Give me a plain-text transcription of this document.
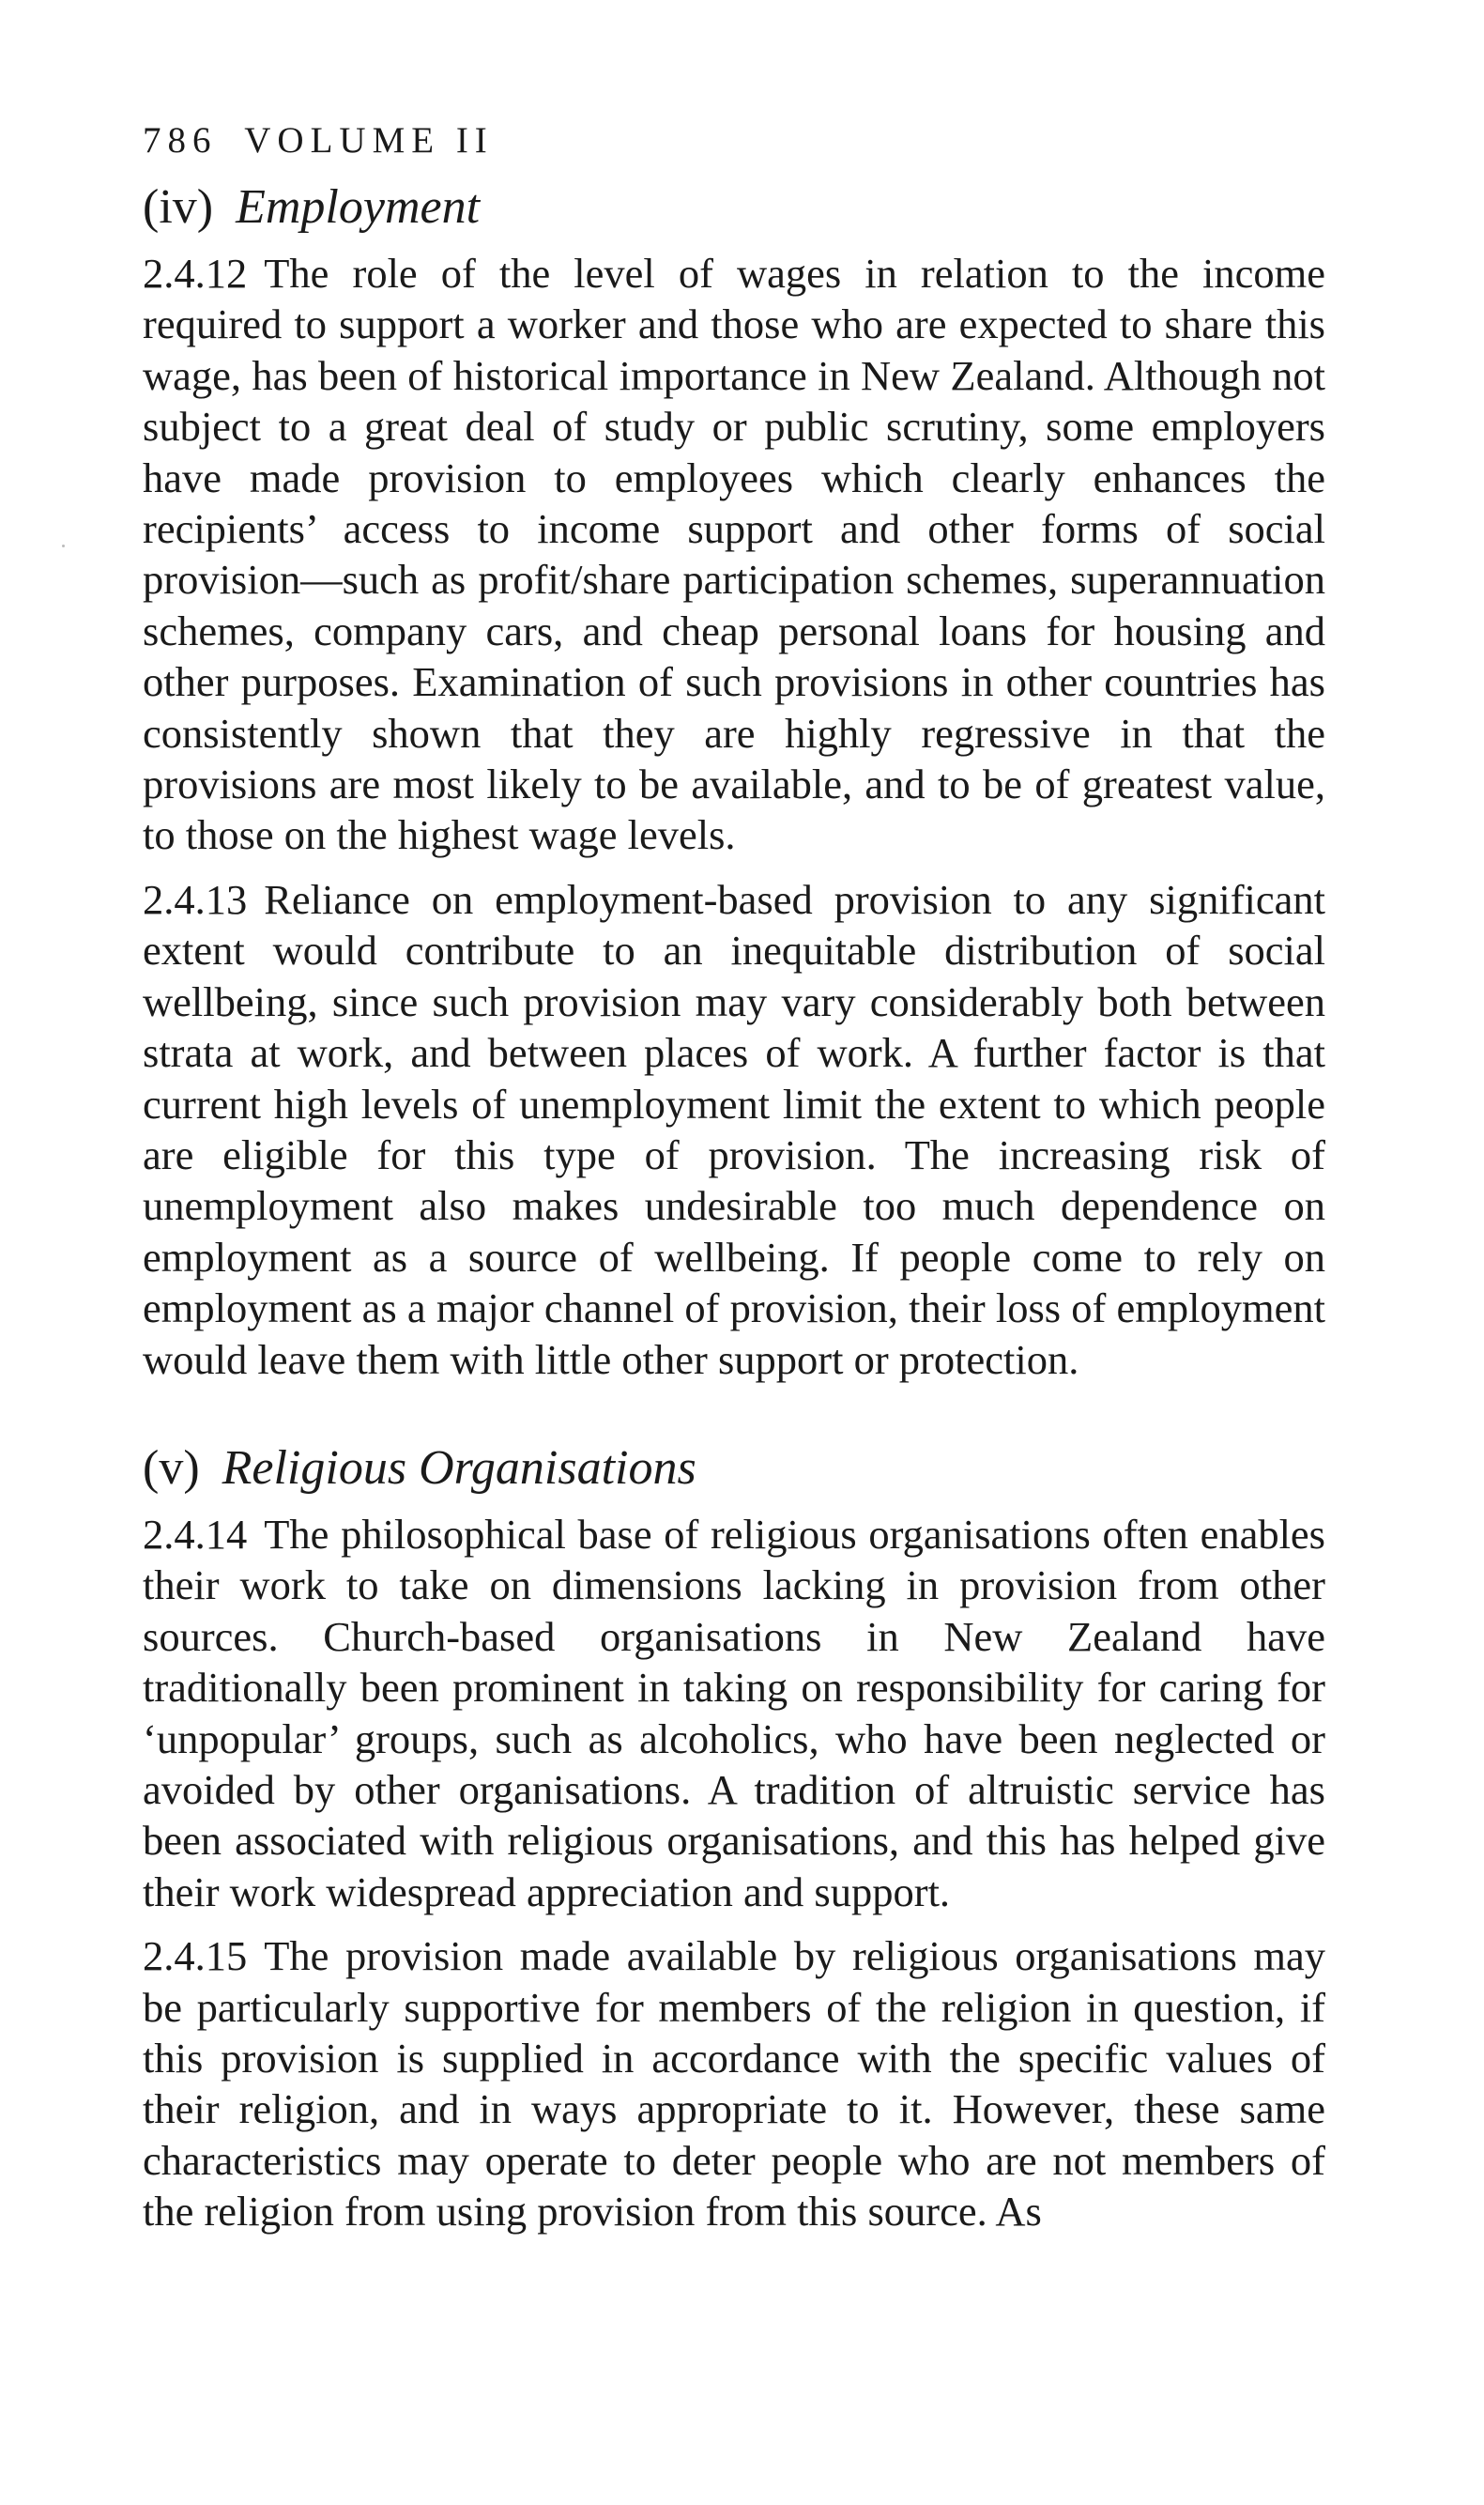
786 VOLUME II
(iv) Employment

2.4.12 The role of the level of wages in relation to the income required to support a worker and those who are expected to share this wage, has been of historical importance in New Zealand. Although not subject to a great deal of study or public scrutiny, some employers have made provision to employees which clearly enhances the recipients’ access to income support and other forms of social provision—such as profit/share participation schemes, superannuation schemes, company cars, and cheap personal loans for housing and other purposes. Examination of such provisions in other countries has consistently shown that they are highly regressive in that the provisions are most likely to be available, and to be of greatest value, to those on the highest wage levels.

2.4.13 Reliance on employment-based provision to any significant extent would contribute to an inequitable distribution of social wellbeing, since such provision may vary considerably both between strata at work, and between places of work. A further factor is that current high levels of unemployment limit the extent to which people are eligible for this type of provision. The increasing risk of unemployment also makes undesirable too much dependence on employment as a source of wellbeing. If people come to rely on employment as a major channel of provision, their loss of employment would leave them with little other support or protection.

(v) Religious Organisations

2.4.14 The philosophical base of religious organisations often enables their work to take on dimensions lacking in provision from other sources. Church-based organisations in New Zealand have traditionally been prominent in taking on responsibility for caring for ‘unpopular’ groups, such as alcoholics, who have been neglected or avoided by other organisations. A tradition of altruistic service has been associated with religious organisations, and this has helped give their work widespread appreciation and support.

2.4.15 The provision made available by religious organisations may be particularly supportive for members of the religion in question, if this provision is supplied in accordance with the specific values of their religion, and in ways appropriate to it. However, these same characteristics may operate to deter people who are not members of the religion from using provision from this source. As
